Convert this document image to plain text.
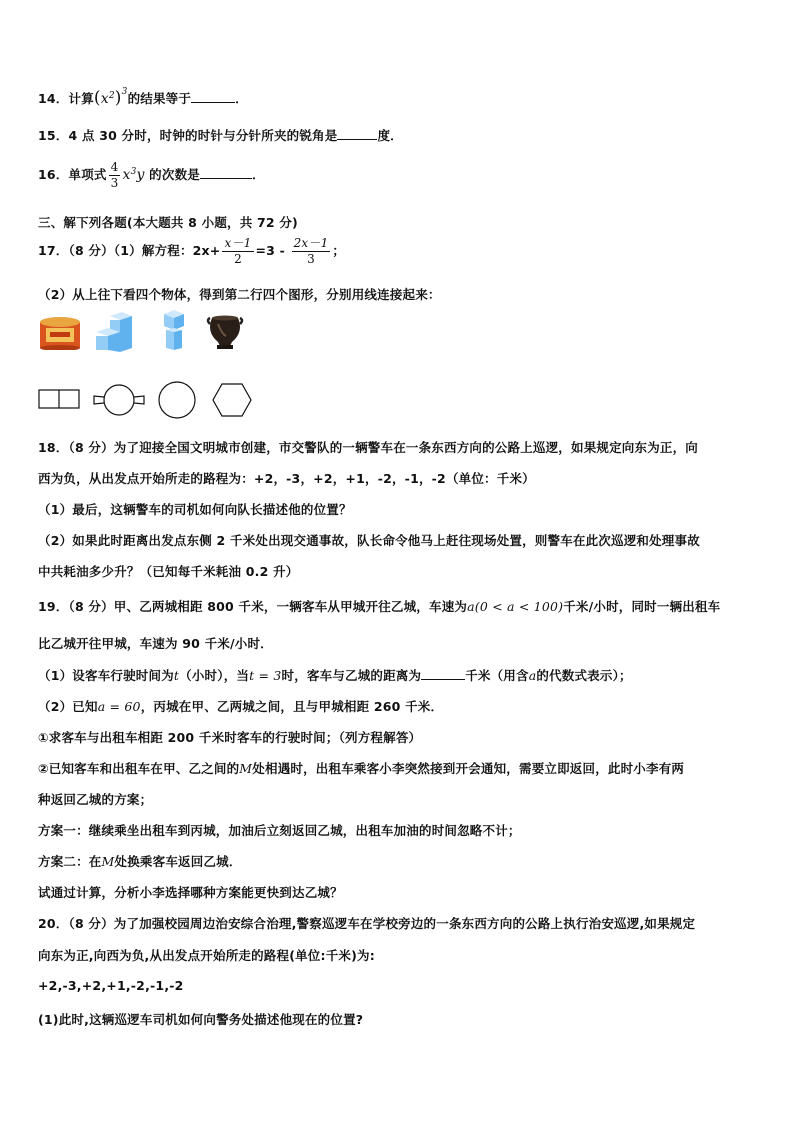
14．计算$(x^2)^3$的结果等于	．
15．4 点 30 分时，时钟的时针与分针所夹的锐角是	度．
16．单项式 $\frac{4}{3} x^3y$ 的次数是	．
三、解下列各题(本大题共 8 小题，共 72 分)
17．（8 分）（1）解方程：$2x+ \frac{x-1}{2} =3 - \frac{2x-1}{3}$ ；
（2）从上往下看四个物体，得到第二行四个图形，分别用线连接起来：
18．（8 分）为了迎接全国文明城市创建，市交警队的一辆警车在一条东西方向的公路上巡逻，如果规定向东为正，向
西为负，从出发点开始所走的路程为：+2，-3，+2，+1，-2，-1，-2（单位：千米）
（1）最后，这辆警车的司机如何向队长描述他的位置？
（2）如果此时距离出发点东侧 2 千米处出现交通事故，队长命令他马上赶往现场处置，则警车在此次巡逻和处理事故
中共耗油多少升？（已知每千米耗油 0.2 升）
19．（8 分）甲、乙两城相距 800 千米，一辆客车从甲城开往乙城，车速为a(0 < a < 100)千米/小时，同时一辆出租车
比乙城开往甲城，车速为 90 千米/小时．
（1）设客车行驶时间为t（小时），当t = 3时，客车与乙城的距离为	千米（用含a的代数式表示）；
（2）已知a = 60，丙城在甲、乙两城之间，且与甲城相距 260 千米．
①求客车与出租车相距 200 千米时客车的行驶时间；（列方程解答）
②已知客车和出租车在甲、乙之间的M处相遇时，出租车乘客小李突然接到开会通知，需要立即返回，此时小李有两
种返回乙城的方案；
方案一：继续乘坐出租车到丙城，加油后立刻返回乙城，出租车加油的时间忽略不计；
方案二：在M处换乘客车返回乙城．
试通过计算，分析小李选择哪种方案能更快到达乙城？
20．（8 分）为了加强校园周边治安综合治理,警察巡逻车在学校旁边的一条东西方向的公路上执行治安巡逻,如果规定
向东为正,向西为负,从出发点开始所走的路程(单位:千米)为:
+2,-3,+2,+1,-2,-1,-2
(1)此时,这辆巡逻车司机如何向警务处描述他现在的位置?
